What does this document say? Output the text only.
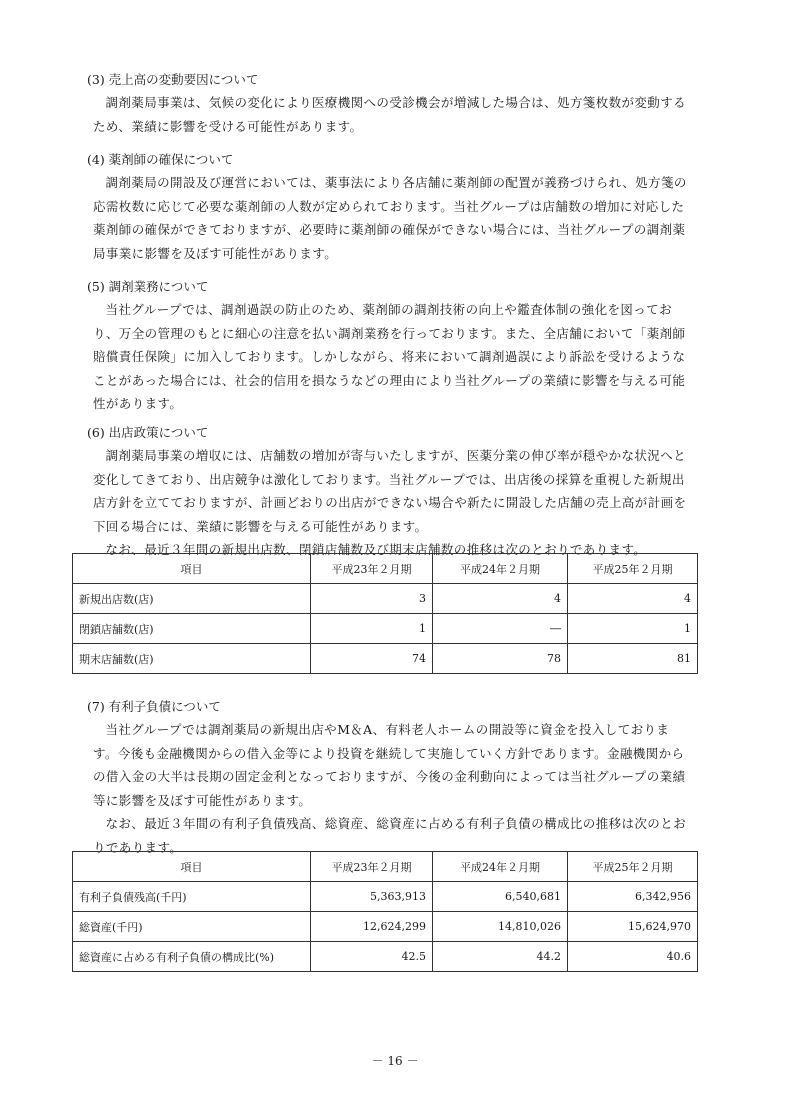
(3) 売上高の変動要因について

調剤薬局事業は、気候の変化により医療機関への受診機会が増減した場合は、処方箋枚数が変動する
ため、業績に影響を受ける可能性があります。

(4) 薬剤師の確保について

調剤薬局の開設及び運営においては、薬事法により各店舗に薬剤師の配置が義務づけられ、処方箋の
応需枚数に応じて必要な薬剤師の人数が定められております。当社グループは店舗数の増加に対応した
薬剤師の確保ができておりますが、必要時に薬剤師の確保ができない場合には、当社グループの調剤薬
局事業に影響を及ぼす可能性があります。

(5) 調剤業務について

当社グループでは、調剤過誤の防止のため、薬剤師の調剤技術の向上や鑑査体制の強化を図ってお
り、万全の管理のもとに細心の注意を払い調剤業務を行っております。また、全店舗において「薬剤師
賠償責任保険」に加入しております。しかしながら、将来において調剤過誤により訴訟を受けるような
ことがあった場合には、社会的信用を損なうなどの理由により当社グループの業績に影響を与える可能
性があります。

(6) 出店政策について

調剤薬局事業の増収には、店舗数の増加が寄与いたしますが、医薬分業の伸び率が穏やかな状況へと
変化してきており、出店競争は激化しております。当社グループでは、出店後の採算を重視した新規出
店方針を立てておりますが、計画どおりの出店ができない場合や新たに開設した店舗の売上高が計画を
下回る場合には、業績に影響を与える可能性があります。
なお、最近３年間の新規出店数、閉鎖店舗数及び期末店舗数の推移は次のとおりであります。

項目	平成23年２月期	平成24年２月期	平成25年２月期
新規出店数(店)	3	4	4
閉鎖店舗数(店)	1	―	1
期末店舗数(店)	74	78	81

(7) 有利子負債について

当社グループでは調剤薬局の新規出店やM＆A、有料老人ホームの開設等に資金を投入しておりま
す。今後も金融機関からの借入金等により投資を継続して実施していく方針であります。金融機関から
の借入金の大半は長期の固定金利となっておりますが、今後の金利動向によっては当社グループの業績
等に影響を及ぼす可能性があります。
なお、最近３年間の有利子負債残高、総資産、総資産に占める有利子負債の構成比の推移は次のとお
りであります。

項目	平成23年２月期	平成24年２月期	平成25年２月期
有利子負債残高(千円)	5,363,913	6,540,681	6,342,956
総資産(千円)	12,624,299	14,810,026	15,624,970
総資産に占める有利子負債の構成比(%)	42.5	44.2	40.6
－ 16 －
